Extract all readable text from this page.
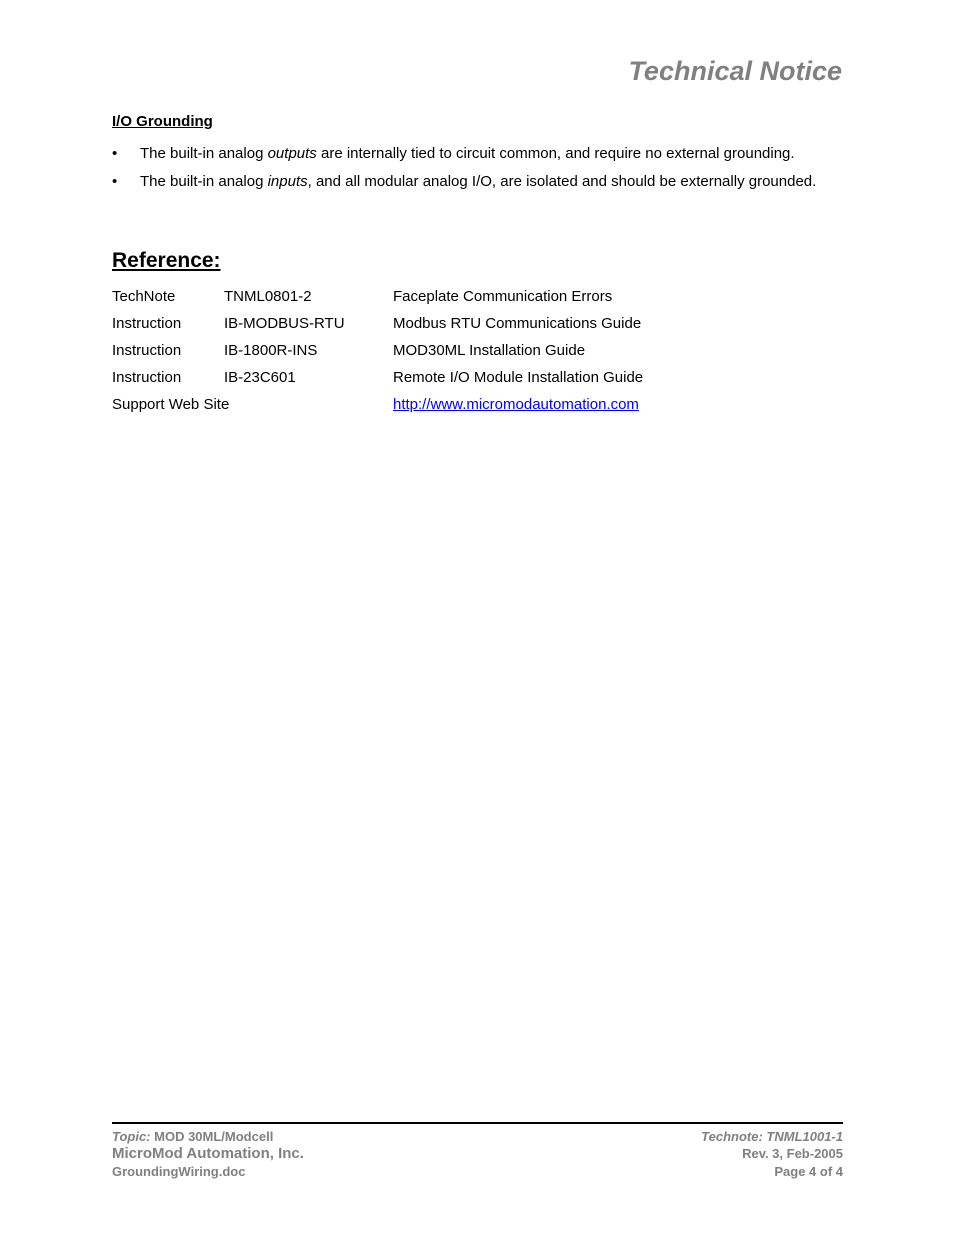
Technical Notice
I/O Grounding
• The built-in analog outputs are internally tied to circuit common, and require no external grounding.
• The built-in analog inputs, and all modular analog I/O, are isolated and should be externally grounded.
Reference:
TechNote	TNML0801-2	Faceplate Communication Errors
Instruction	IB-MODBUS-RTU	Modbus RTU Communications Guide
Instruction	IB-1800R-INS	MOD30ML Installation Guide
Instruction	IB-23C601	Remote I/O Module Installation Guide
Support Web Site		http://www.micromodautomation.com
Topic: MOD 30ML/Modcell	Technote: TNML1001-1
MicroMod Automation, Inc.	Rev. 3, Feb-2005
GroundingWiring.doc	Page 4 of 4
